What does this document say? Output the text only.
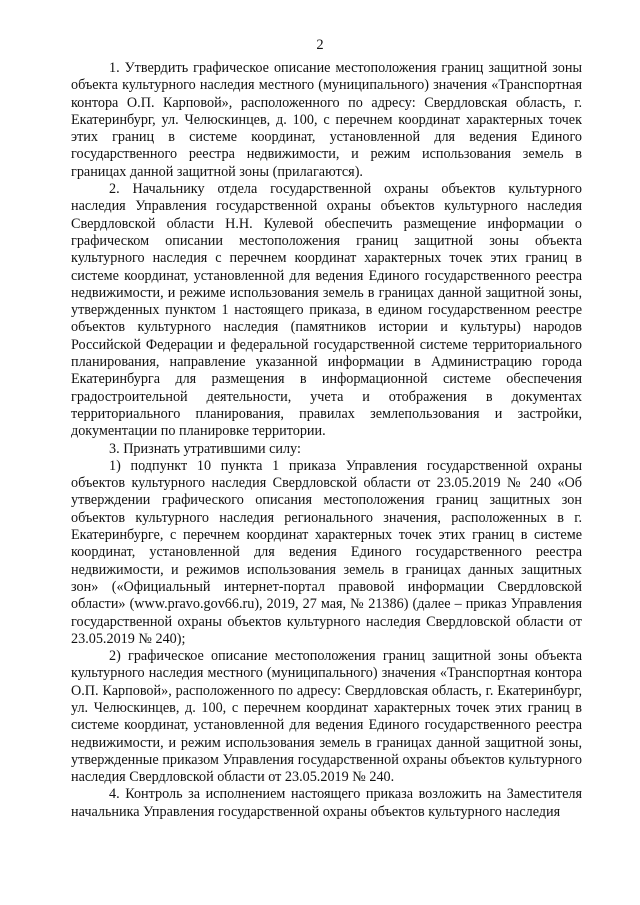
2

1. Утвердить графическое описание местоположения границ защитной зоны объекта культурного наследия местного (муниципального) значения «Транспортная контора О.П. Карповой», расположенного по адресу: Свердловская область, г. Екатеринбург, ул. Челюскинцев, д. 100, с перечнем координат характерных точек этих границ в системе координат, установленной для ведения Единого государственного реестра недвижимости, и режим использования земель в границах данной защитной зоны (прилагаются).

2. Начальнику отдела государственной охраны объектов культурного наследия Управления государственной охраны объектов культурного наследия Свердловской области Н.Н. Кулевой обеспечить размещение информации о графическом описании местоположения границ защитной зоны объекта культурного наследия с перечнем координат характерных точек этих границ в системе координат, установленной для ведения Единого государственного реестра недвижимости, и режиме использования земель в границах данной защитной зоны, утвержденных пунктом 1 настоящего приказа, в едином государственном реестре объектов культурного наследия (памятников истории и культуры) народов Российской Федерации и федеральной государственной системе территориального планирования, направление указанной информации в Администрацию города Екатеринбурга для размещения в информационной системе обеспечения градостроительной деятельности, учета и отображения в документах территориального планирования, правилах землепользования и застройки, документации по планировке территории.

3. Признать утратившими силу:

1) подпункт 10 пункта 1 приказа Управления государственной охраны объектов культурного наследия Свердловской области от 23.05.2019 № 240 «Об утверждении графического описания местоположения границ защитных зон объектов культурного наследия регионального значения, расположенных в г. Екатеринбурге, с перечнем координат характерных точек этих границ в системе координат, установленной для ведения Единого государственного реестра недвижимости, и режимов использования земель в границах данных защитных зон» («Официальный интернет-портал правовой информации Свердловской области» (www.pravo.gov66.ru), 2019, 27 мая, № 21386) (далее – приказ Управления государственной охраны объектов культурного наследия Свердловской области от 23.05.2019 № 240);

2) графическое описание местоположения границ защитной зоны объекта культурного наследия местного (муниципального) значения «Транспортная контора О.П. Карповой», расположенного по адресу: Свердловская область, г. Екатеринбург, ул. Челюскинцев, д. 100, с перечнем координат характерных точек этих границ в системе координат, установленной для ведения Единого государственного реестра недвижимости, и режим использования земель в границах данной защитной зоны, утвержденные приказом Управления государственной охраны объектов культурного наследия Свердловской области от 23.05.2019 № 240.

4. Контроль за исполнением настоящего приказа возложить на Заместителя начальника Управления государственной охраны объектов культурного наследия
